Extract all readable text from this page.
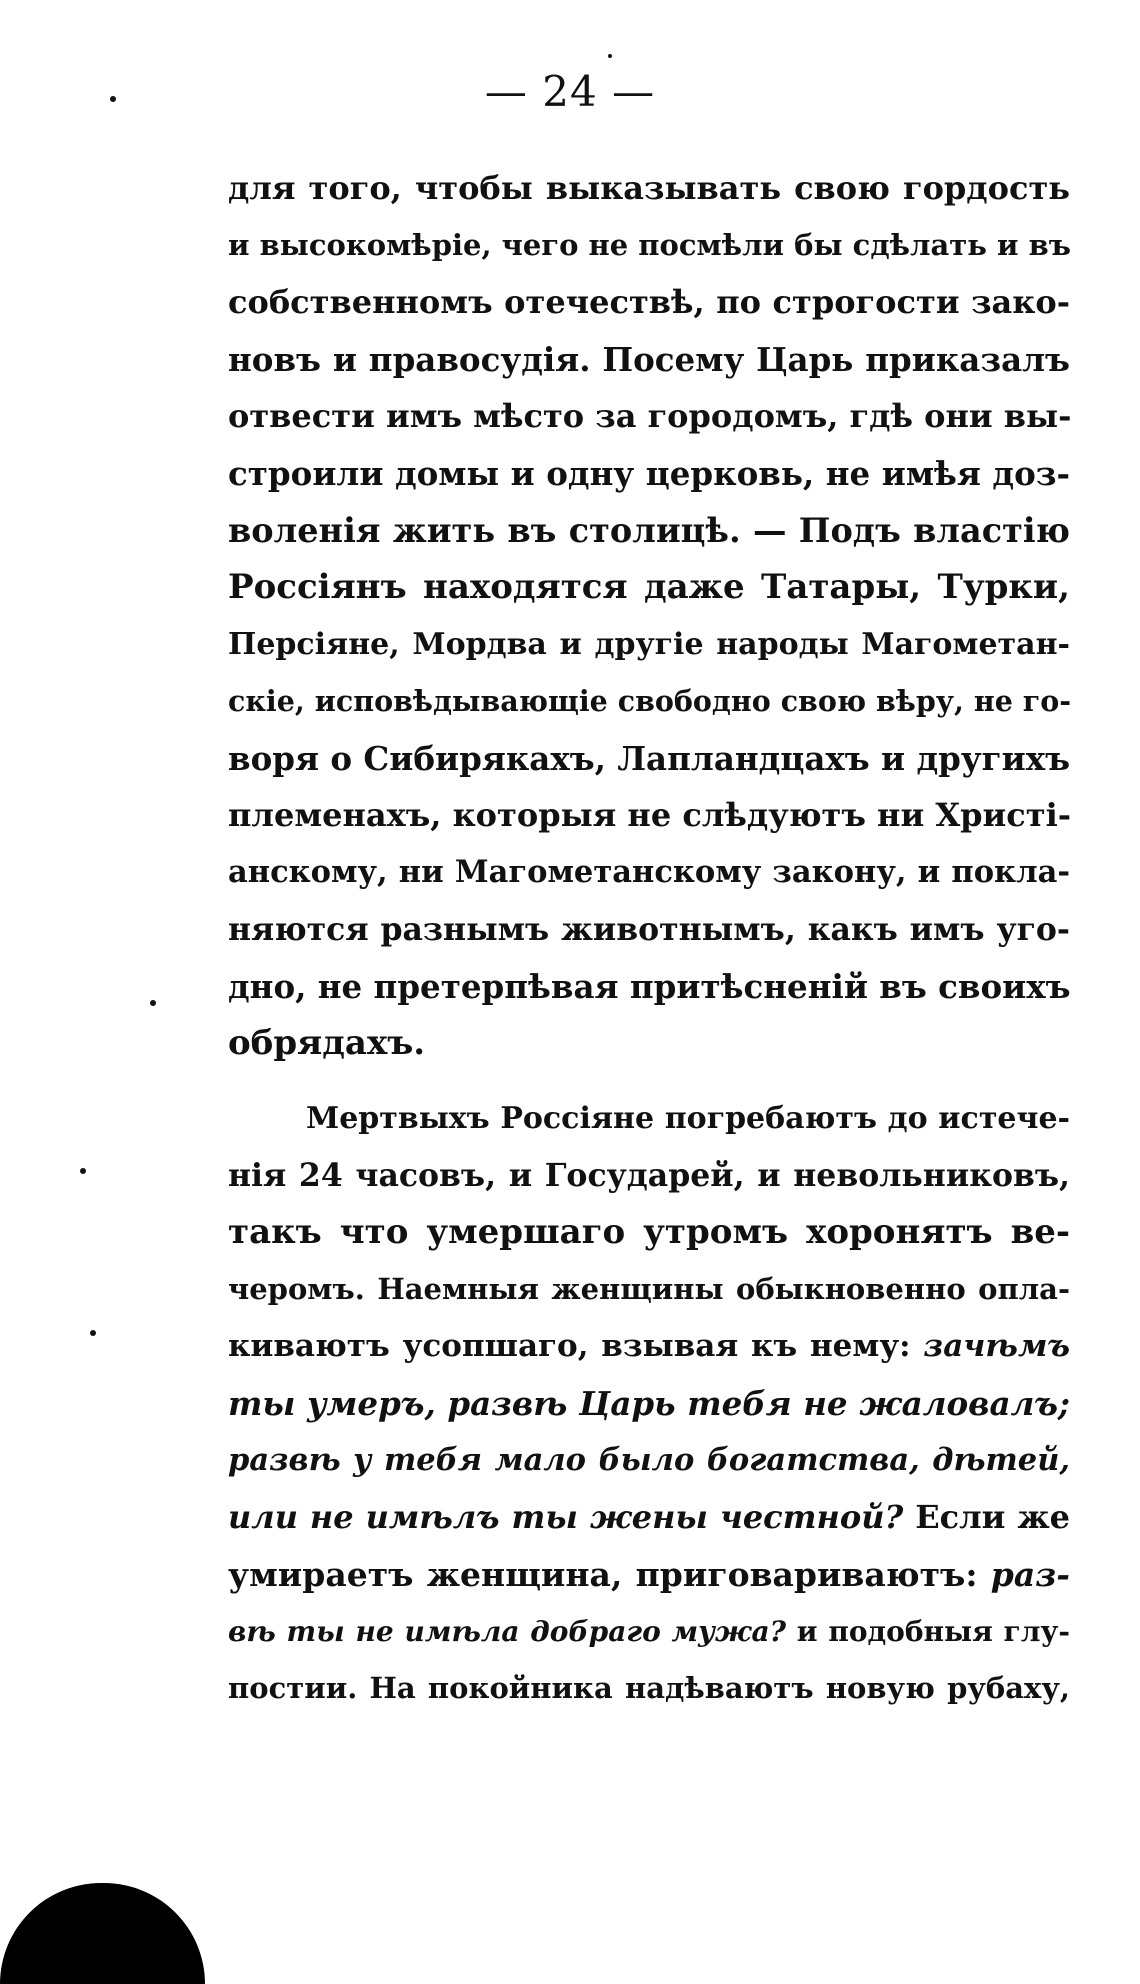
— 24 —
для того, чтобы выказывать свою гордость
и высокомѣріе, чего не посмѣли бы сдѣлать и въ
собственномъ отечествѣ, по строгости зако-
новъ и правосудія. Посему Царь приказалъ
отвести имъ мѣсто за городомъ, гдѣ они вы-
строили домы и одну церковь, не имѣя доз-
воленія жить въ столицѣ. — Подъ властію
Россіянъ находятся даже Татары, Турки,
Персіяне, Мордва и другіе народы Магометан-
скіе, исповѣдывающіе свободно свою вѣру, не го-
воря о Сибирякахъ, Лапландцахъ и другихъ
племенахъ, которыя не слѣдуютъ ни Христі-
анскому, ни Магометанскому закону, и покла-
няются разнымъ животнымъ, какъ имъ уго-
дно, не претерпѣвая притѣсненій въ своихъ
обрядахъ.
Мертвыхъ Россіяне погребаютъ до истече-
нія 24 часовъ, и Государей, и невольниковъ,
такъ что умершаго утромъ хоронятъ ве-
черомъ. Наемныя женщины обыкновенно опла-
киваютъ усопшаго, взывая къ нему: зачѣмъ
ты умеръ, развѣ Царь тебя не жаловалъ;
развѣ у тебя мало было богатства, дѣтей,
или не имѣлъ ты жены честной? Если же
умираетъ женщина, приговариваютъ: раз-
вѣ ты не имѣла добраго мужа? и подобныя глу-
постии. На покойника надѣваютъ новую рубаху,
